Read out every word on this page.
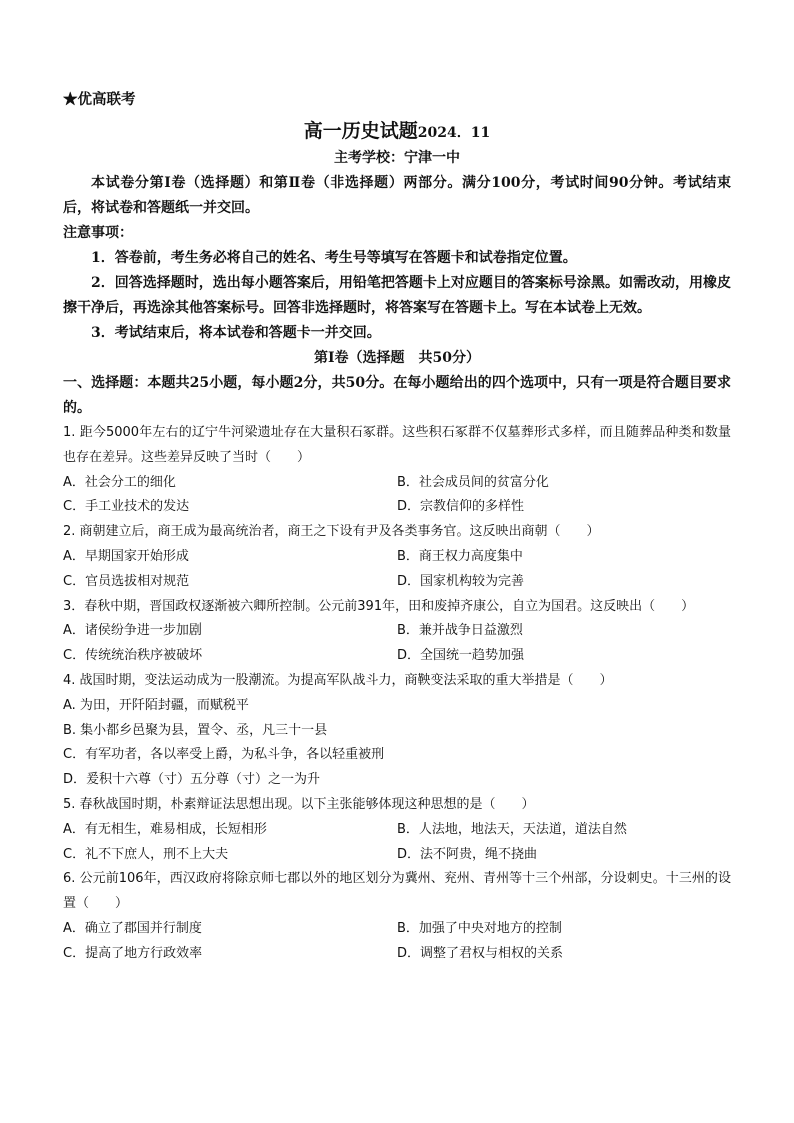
★优高联考
高一历史试题2024．11
主考学校：宁津一中
本试卷分第Ⅰ卷（选择题）和第Ⅱ卷（非选择题）两部分。满分100分，考试时间90分钟。考试结束后，将试卷和答题纸一并交回。
注意事项：
1．答卷前，考生务必将自己的姓名、考生号等填写在答题卡和试卷指定位置。
2．回答选择题时，选出每小题答案后，用铅笔把答题卡上对应题目的答案标号涂黑。如需改动，用橡皮擦干净后，再选涂其他答案标号。回答非选择题时，将答案写在答题卡上。写在本试卷上无效。
3．考试结束后，将本试卷和答题卡一并交回。
第Ⅰ卷（选择题　共50分）
一、选择题：本题共25小题，每小题2分，共50分。在每小题给出的四个选项中，只有一项是符合题目要求的。
1. 距今5000年左右的辽宁牛河梁遗址存在大量积石冢群。这些积石冢群不仅墓葬形式多样，而且随葬品种类和数量也存在差异。这些差异反映了当时（　　）
A．社会分工的细化	B．社会成员间的贫富分化
C．手工业技术的发达	D．宗教信仰的多样性
2. 商朝建立后，商王成为最高统治者，商王之下设有尹及各类事务官。这反映出商朝（　　）
A．早期国家开始形成	B．商王权力高度集中
C．官员选拔相对规范	D．国家机构较为完善
3．春秋中期，晋国政权逐渐被六卿所控制。公元前391年，田和废掉齐康公，自立为国君。这反映出（　　）
A．诸侯纷争进一步加剧	B．兼并战争日益激烈
C．传统统治秩序被破坏	D．全国统一趋势加强
4. 战国时期，变法运动成为一股潮流。为提高军队战斗力，商鞅变法采取的重大举措是（　　）
A. 为田，开阡陌封疆，而赋税平
B. 集小都乡邑聚为县，置令、丞，凡三十一县
C．有军功者，各以率受上爵，为私斗争，各以轻重被刑
D．爰积十六尊（寸）五分尊（寸）之一为升
5. 春秋战国时期，朴素辩证法思想出现。以下主张能够体现这种思想的是（　　）
A．有无相生，难易相成，长短相形	B．人法地，地法天，天法道，道法自然
C．礼不下庶人，刑不上大夫	D．法不阿贵，绳不挠曲
6. 公元前106年，西汉政府将除京师七郡以外的地区划分为冀州、兖州、青州等十三个州部，分设刺史。十三州的设置（　　）
A．确立了郡国并行制度	B．加强了中央对地方的控制
C．提高了地方行政效率	D．调整了君权与相权的关系
